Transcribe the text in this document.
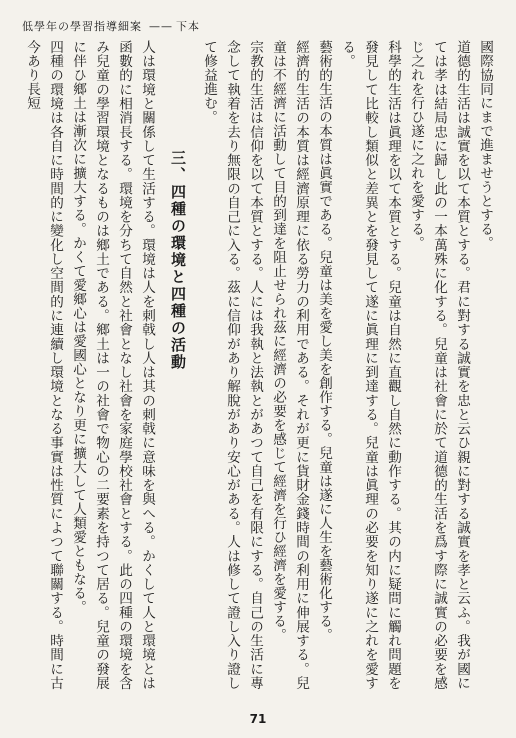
低學年の學習指導細案 —— 下本

國際協同にまで進ませうとする。

道德的生活は誠實を以て本質とする。君に對する誠實を忠と云ひ親に對する誠實を孝と云ふ。我が國にては孝は結局忠に歸し此の一本萬殊に化する。兒童は社會に於て道德的生活を爲す際に誠實の必要を感じ之れを行ひ遂に之れを愛する。

科學的生活は眞理を以て本質とする。兒童は自然に直觀し自然に動作する。其の内に疑問に觸れ問題を發見して比較し類似と差異とを發見して遂に眞理に到達する。兒童は眞理の必要を知り遂に之れを愛する。

藝術的生活の本質は眞實である。兒童は美を愛し美を創作する。兒童は遂に人生を藝術化する。

經濟的生活の本質は經濟原理に依る勞力の利用である。それが更に貨財金錢時間の利用に伸展する。兒童は不經濟に活動して目的到達を阻止せられ茲に經濟の必要を感じて經濟を行ひ經濟を愛する。

宗教的生活は信仰を以て本質とする。人には我執と法執とがあつて自己を有限にする。自己の生活に專念して執着を去り無限の自己に入る。茲に信仰があり解脫があり安心がある。人は修して證し入り證して修益進む。

三、四種の環境と四種の活動

人は環境と關係して生活する。環境は人を刺戟し人は其の刺戟に意味を與へる。かくして人と環境とは函數的に相消長する。環境を分ちて自然と社會となし社會を家庭學校社會とする。此の四種の環境を含み兒童の學習環境となるものは鄉土である。鄉土は一の社會で物心の二要素を持つて居る。兒童の發展に伴ひ鄉土は漸次に擴大する。かくて愛鄉心は愛國心となり更に擴大して人類愛ともなる。

四種の環境は各自に時間的に變化し空間的に連續し環境となる事實は性質によつて聯關する。時間に古今あり長短

71
